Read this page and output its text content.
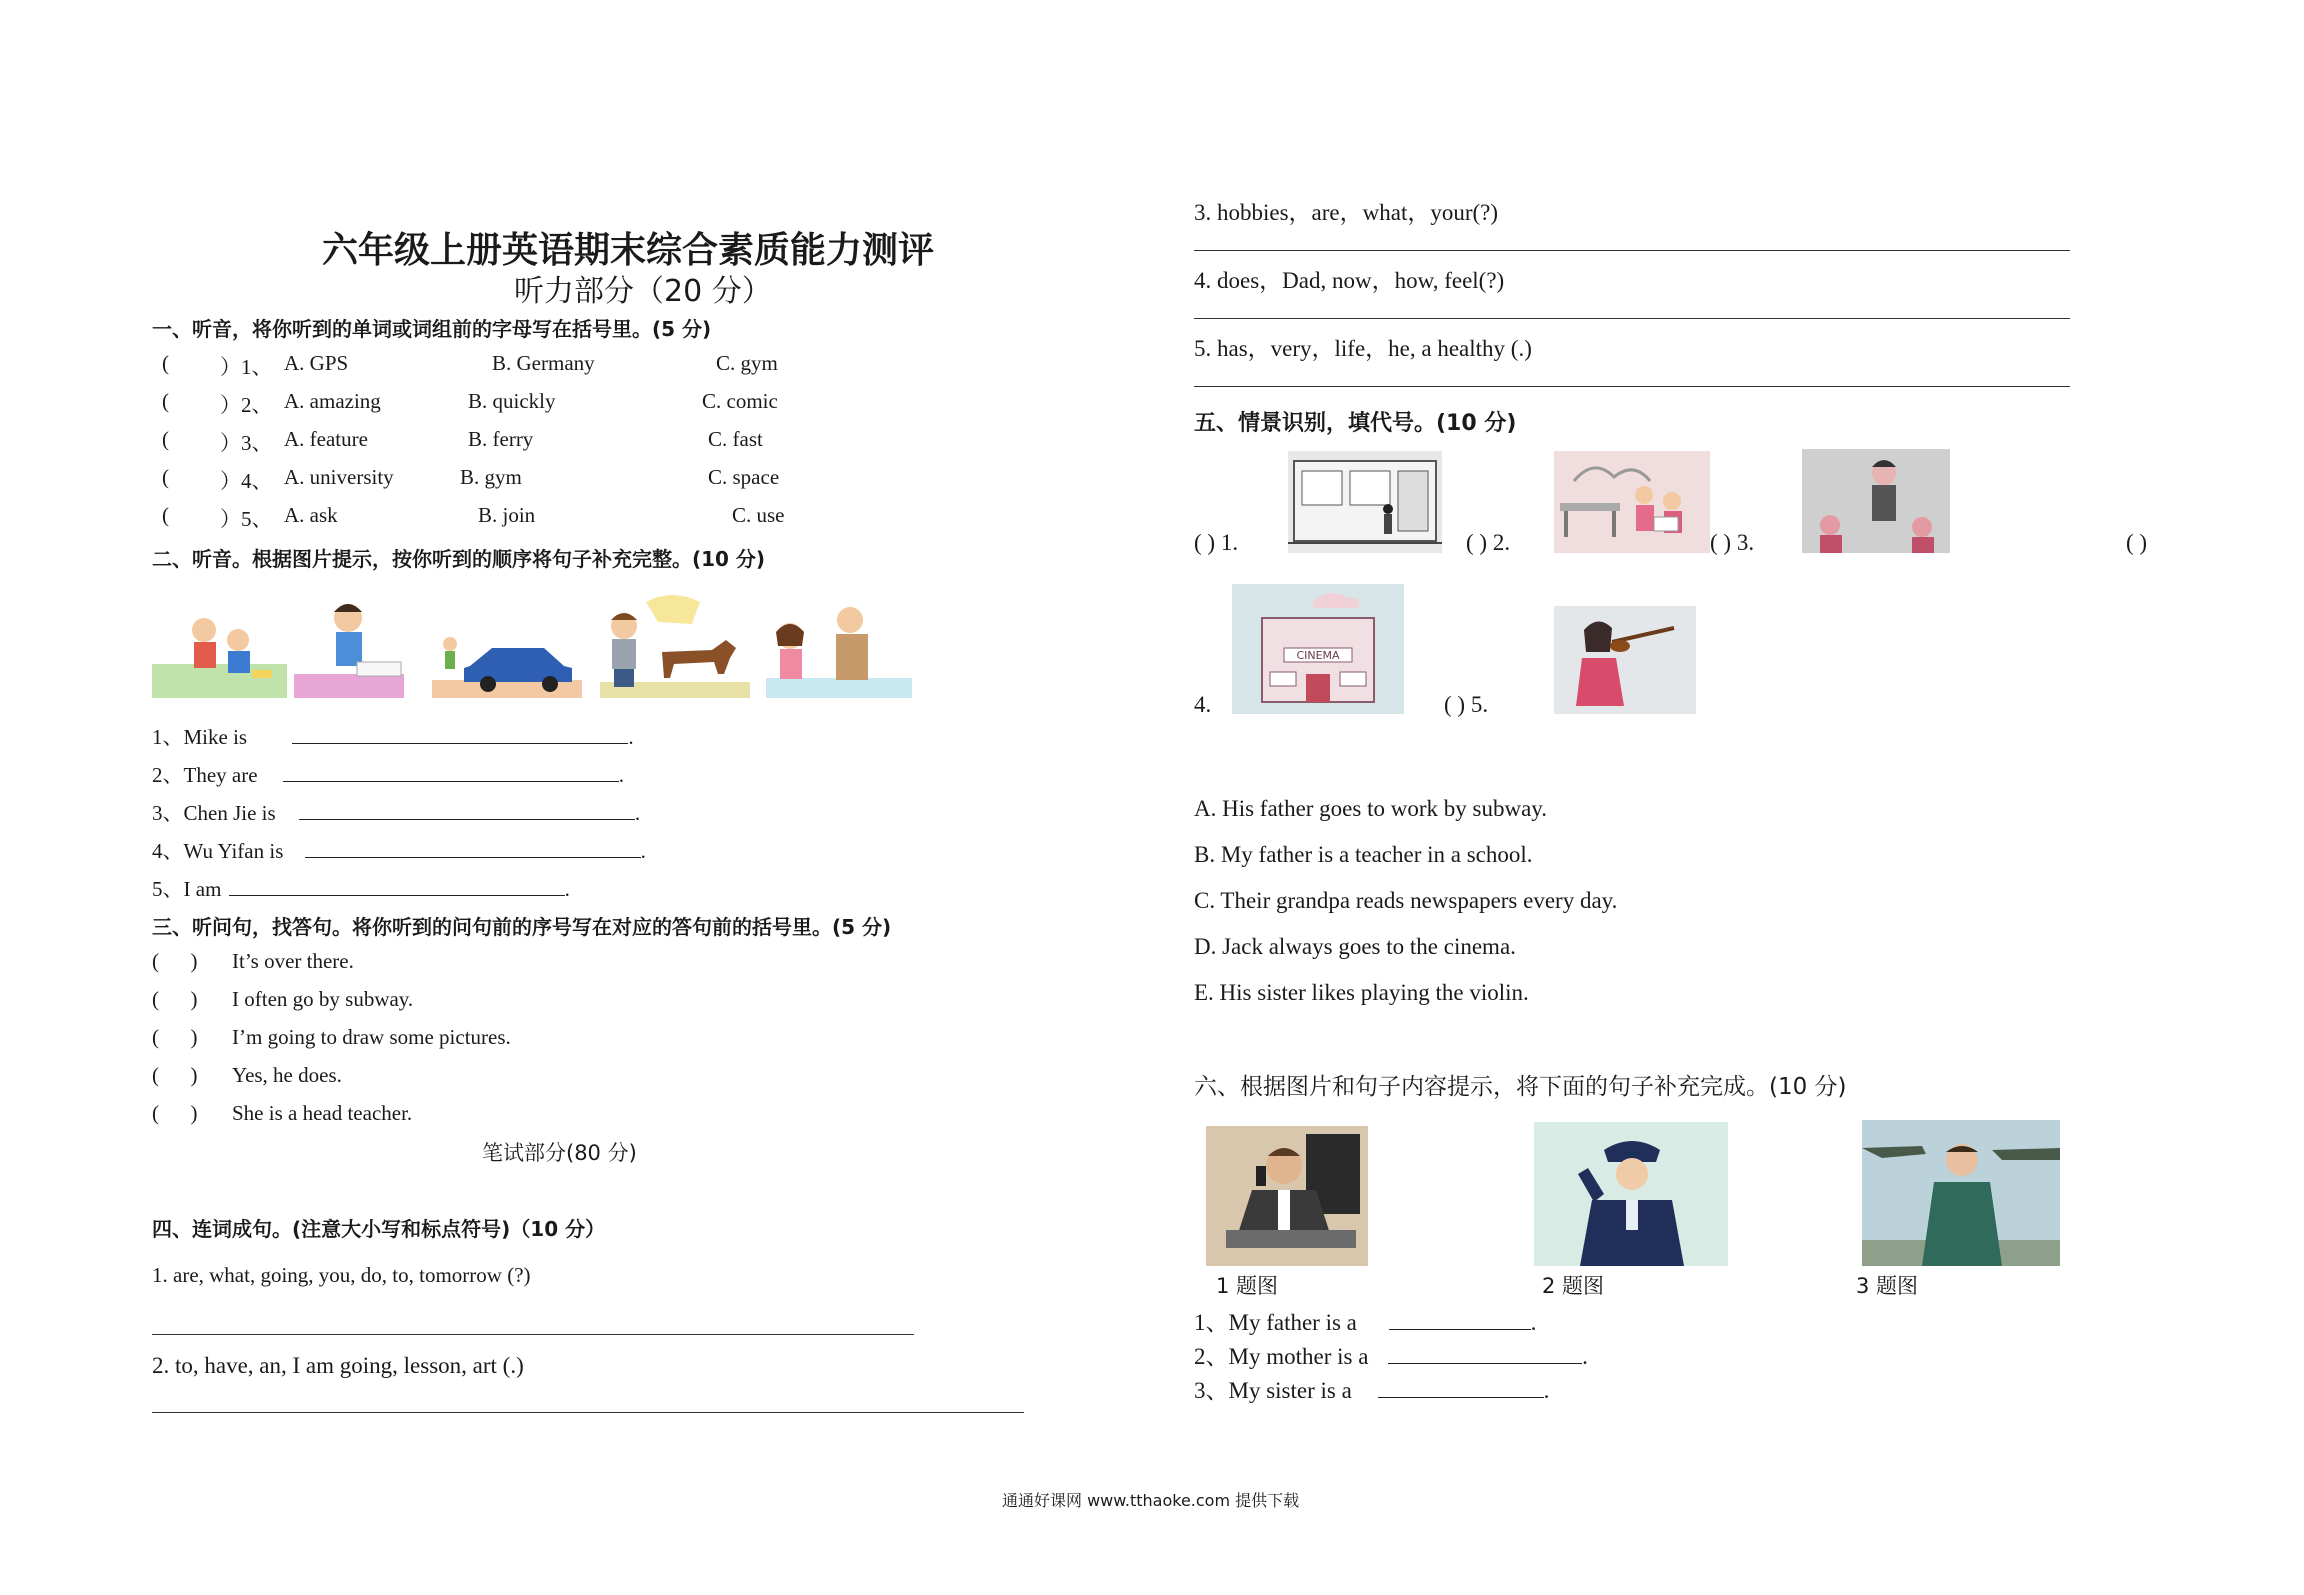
六年级上册英语期末综合素质能力测评
听力部分（20 分）
一、听音，将你听到的单词或词组前的字母写在括号里。(5 分)
( ）1、 A. GPS	B. Germany	C. gym
( ）2、 A. amazing	B. quickly	C. comic
( ）3、 A. feature	B. ferry	C. fast
( ）4、 A. university	B. gym	C. space
( ）5、 A. ask	B. join	C. use
二、听音。根据图片提示，按你听到的顺序将句子补充完整。(10 分)
1、Mike is	.
2、They are	.
3、Chen Jie is	.
4、Wu Yifan is	.
5、I am	.
三、听问句，找答句。将你听到的问句前的序号写在对应的答句前的括号里。(5 分)
(      ) It’s over there.
(      ) I often go by subway.
(      ) I’m going to draw some pictures.
(      ) Yes, he does.
(      ) She is a head teacher.
笔试部分(80 分)
四、连词成句。(注意大小写和标点符号)（10 分）
1. are, what, going, you, do, to, tomorrow (?)
2. to, have, an, I am going, lesson, art (.)
3. hobbies，are，what，your(?)
4. does，Dad, now，how, feel(?)
5. has，very，life，he, a healthy (.)
五、情景识别，填代号。(10 分)
CINEMA
( ) 1.	( ) 2.	( ) 3.	( )
4.	( ) 5.
A. His father goes to work by subway.
B. My father is a teacher in a school.
C. Their grandpa reads newspapers every day.
D. Jack always goes to the cinema.
E. His sister likes playing the violin.
六、根据图片和句子内容提示，将下面的句子补充完成。(10 分)
1 题图	2 题图	3 题图
1、My father is a	.
2、My mother is a	.
3、My sister is a	.
通通好课网 www.tthaoke.com 提供下载
